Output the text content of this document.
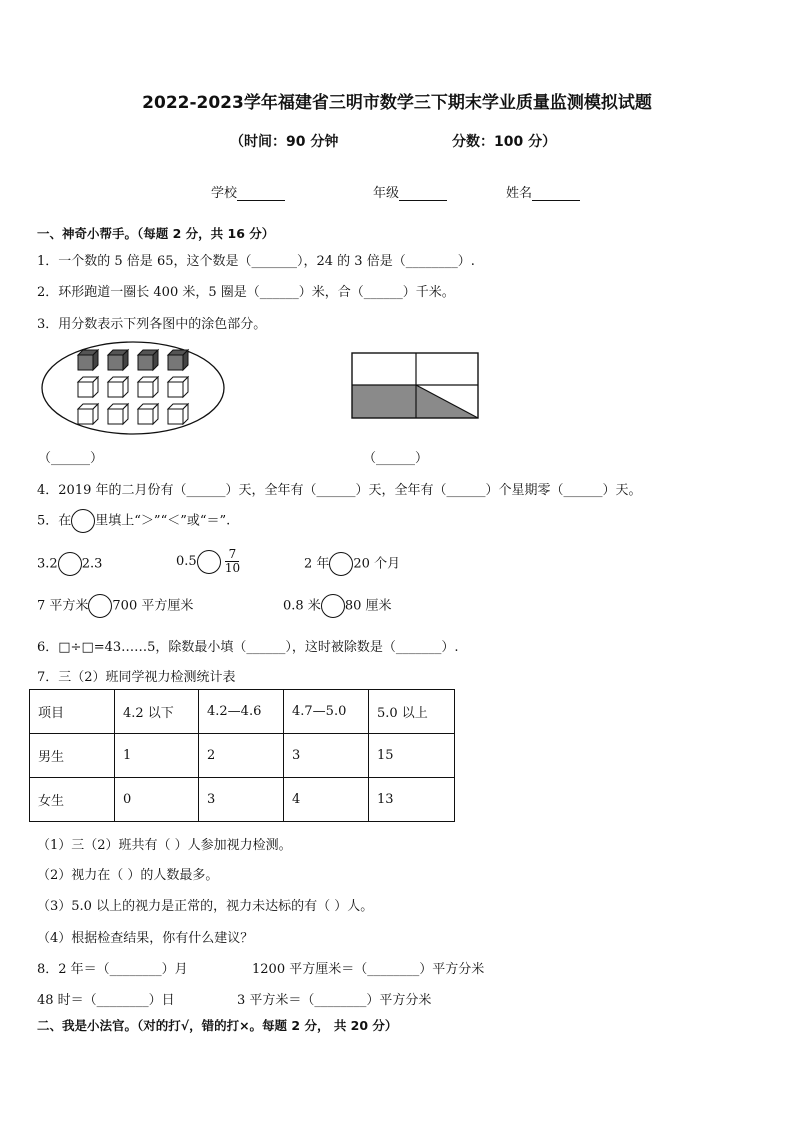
2022-2023学年福建省三明市数学三下期末学业质量监测模拟试题
（时间：90 分钟	分数：100 分）
学校	年级	姓名
一、神奇小帮手。（每题 2 分，共 16 分）
1．一个数的 5 倍是 65，这个数是（_______），24 的 3 倍是（________）.
2．环形跑道一圈长 400 米，5 圈是（______）米，合（______）千米。
3．用分数表示下列各图中的涂色部分。
（______）	（______）
4．2019 年的二月份有（______）天，全年有（______）天，全年有（______）个星期零（______）天。
5．在 里填上“＞”“＜”或“＝”.
3.2 2.3	$0.5 \frac{7}{10}$	2 年 20 个月
7 平方米 700 平方厘米	0.8 米 80 厘米
6．□÷□=43……5，除数最小填（______），这时被除数是（_______）.
7．三（2）班同学视力检测统计表
项目	4.2 以下	4.2—4.6	4.7—5.0	5.0 以上
男生	1	2	3	15
女生	0	3	4	13
（1）三（2）班共有（ ）人参加视力检测。
（2）视力在（ ）的人数最多。
（3）5.0 以上的视力是正常的，视力未达标的有（ ）人。
（4）根据检查结果，你有什么建议？
8．2 年＝（________）月	1200 平方厘米＝（________）平方分米
48 时＝（________）日	3 平方米＝（________）平方分米
二、我是小法官。（对的打√，错的打×。每题 2 分， 共 20 分）
